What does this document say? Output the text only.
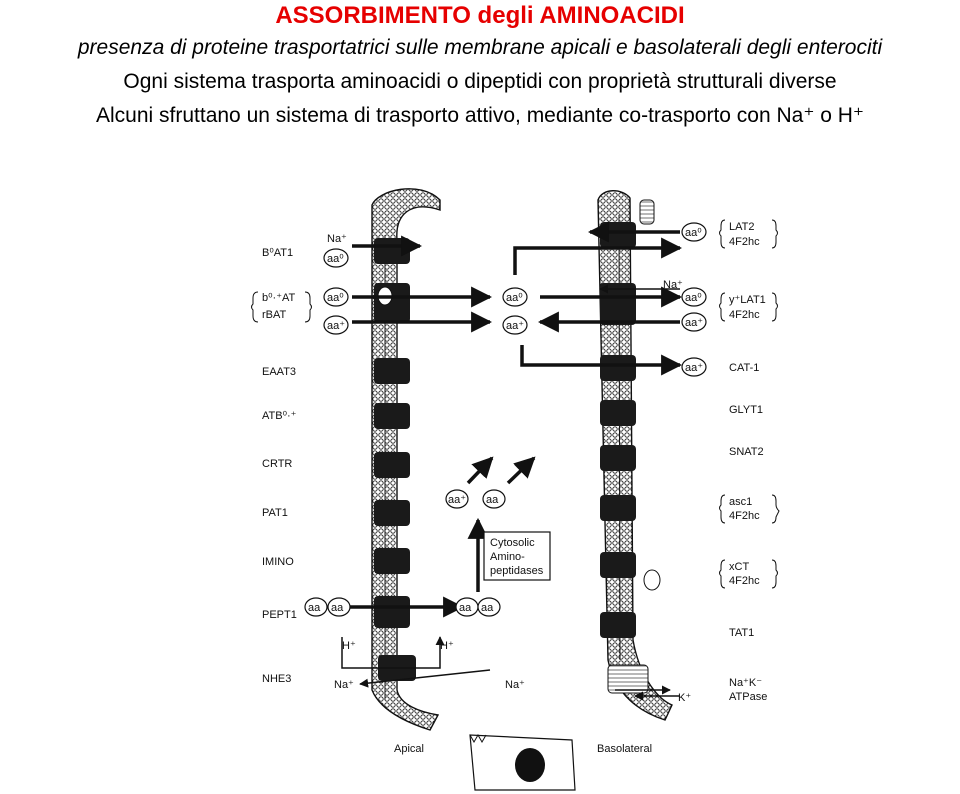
ASSORBIMENTO degli AMINOACIDI
presenza di proteine trasportatrici sulle membrane apicali e basolaterali degli enterociti
Ogni sistema trasporta aminoacidi o dipeptidi con proprietà strutturali diverse
Alcuni sfruttano un sistema di trasporto attivo, mediante co-trasporto con Na⁺ o H⁺
Na⁺
aa⁰
aa⁰
aa⁺
aa⁰
aa⁺
aa⁰
Na⁺
aa⁰
aa⁺
aa⁺
aa⁺ aa
aa aa	aa aa
H⁺	H⁺
Na⁺	Na⁺
K⁺
Cytosolic
Amino-
peptidases
B⁰AT1
b⁰·⁺AT
rBAT
EAAT3
ATB⁰·⁺
CRTR
PAT1
IMINO
PEPT1
NHE3
LAT2
4F2hc
y⁺LAT1
4F2hc
CAT-1
GLYT1
SNAT2
asc1
4F2hc
xCT
4F2hc
TAT1
Na⁺K⁻
ATPase
Apical	Basolateral
